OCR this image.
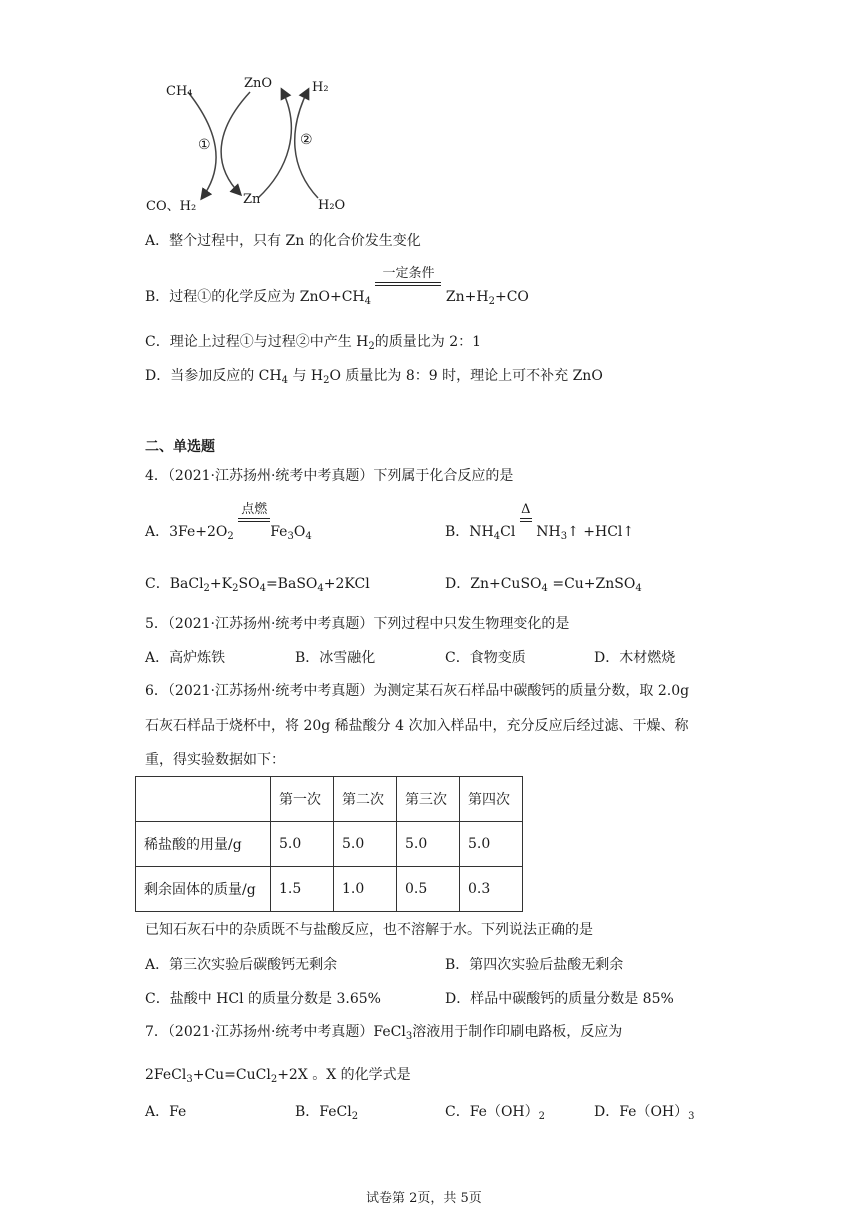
CH₄
ZnO	H₂
①	②
CO、H₂	Zn	H₂O
A．整个过程中，只有 Zn 的化合价发生变化
B．过程①的化学反应为 $ZnO+CH_4$
一定条件
$Zn+H_2+CO$
C．理论上过程①与过程②中产生 $H_2$的质量比为 2：1
D．当参加反应的 $CH_4$ 与 $H_2O$ 质量比为 8：9 时，理论上可不补充 ZnO
二、单选题
4．（2021·江苏扬州·统考中考真题）下列属于化合反应的是
A．$3Fe+2O_2$
点燃
$Fe_3O_4$	B．$NH_4Cl$
Δ
$NH_3↑$ +HCl↑
C．$BaCl_2+K_2SO_4=BaSO_4+2KCl$	D．Zn+CuSO$_4$ =Cu+ZnSO$_4$
5．（2021·江苏扬州·统考中考真题）下列过程中只发生物理变化的是
A．高炉炼铁	B．冰雪融化	C．食物变质	D．木材燃烧
6．（2021·江苏扬州·统考中考真题）为测定某石灰石样品中碳酸钙的质量分数，取 2.0g
石灰石样品于烧杯中，将 20g 稀盐酸分 4 次加入样品中，充分反应后经过滤、干燥、称
重，得实验数据如下：
	第一次	第二次	第三次	第四次
稀盐酸的用量/g	5.0	5.0	5.0	5.0
剩余固体的质量/g	1.5	1.0	0.5	0.3
已知石灰石中的杂质既不与盐酸反应，也不溶解于水。下列说法正确的是
A．第三次实验后碳酸钙无剩余	B．第四次实验后盐酸无剩余
C．盐酸中 HCl 的质量分数是 3.65%	D．样品中碳酸钙的质量分数是 85%
7．（2021·江苏扬州·统考中考真题）FeCl$_3$溶液用于制作印刷电路板，反应为
2FeCl$_3$+Cu=CuCl$_2$+2X 。X 的化学式是
A．Fe	B．FeCl$_2$	C．$Fe(OH)_2$	D．$Fe(OH)_3$
试卷第 2页，共 5页
